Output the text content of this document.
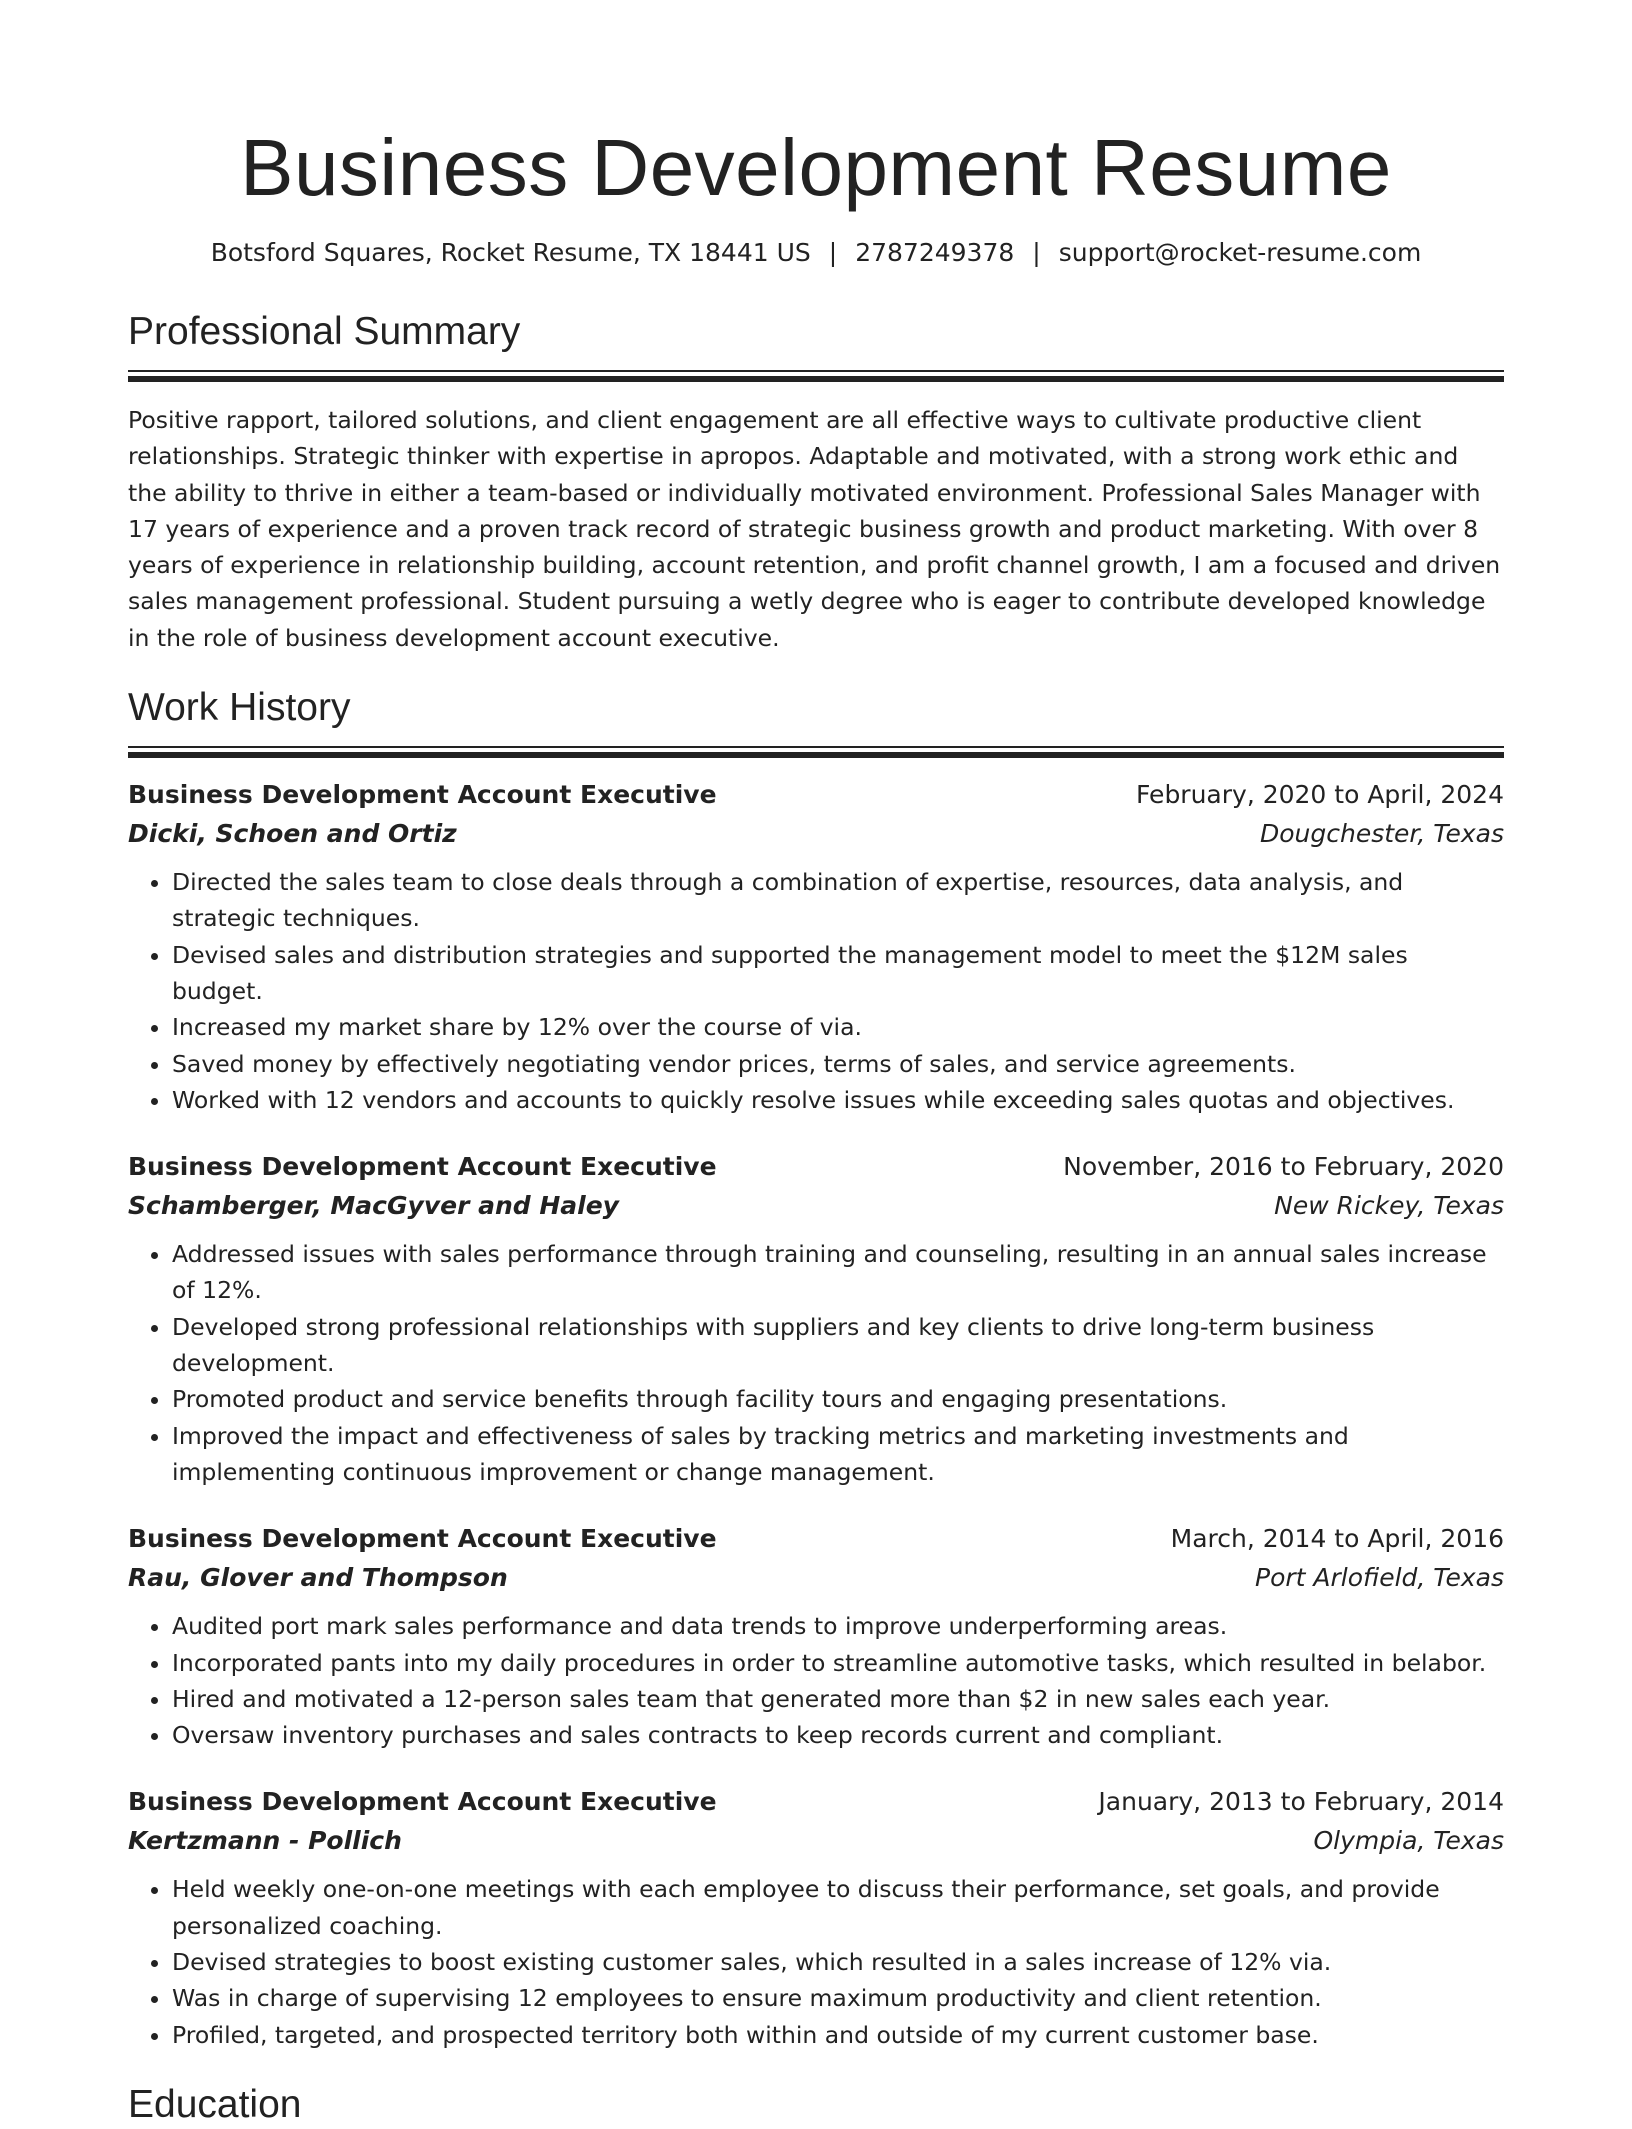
Business Development Resume
Botsford Squares, Rocket Resume, TX 18441 US | 2787249378 | support@rocket-resume.com
Professional Summary

Positive rapport, tailored solutions, and client engagement are all effective ways to cultivate productive client relationships. Strategic thinker with expertise in apropos. Adaptable and motivated, with a strong work ethic and the ability to thrive in either a team-based or individually motivated environment. Professional Sales Manager with 17 years of experience and a proven track record of strategic business growth and product marketing. With over 8 years of experience in relationship building, account retention, and profit channel growth, I am a focused and driven sales management professional. Student pursuing a wetly degree who is eager to contribute developed knowledge in the role of business development account executive.

Work History
Business Development Account Executive	February, 2020 to April, 2024
Dicki, Schoen and Ortiz	Dougchester, Texas
• Directed the sales team to close deals through a combination of expertise, resources, data analysis, and strategic techniques.
• Devised sales and distribution strategies and supported the management model to meet the $12M sales budget.
• Increased my market share by 12% over the course of via.
• Saved money by effectively negotiating vendor prices, terms of sales, and service agreements.
• Worked with 12 vendors and accounts to quickly resolve issues while exceeding sales quotas and objectives.
Business Development Account Executive	November, 2016 to February, 2020
Schamberger, MacGyver and Haley	New Rickey, Texas
• Addressed issues with sales performance through training and counseling, resulting in an annual sales increase of 12%.
• Developed strong professional relationships with suppliers and key clients to drive long-term business development.
• Promoted product and service benefits through facility tours and engaging presentations.
• Improved the impact and effectiveness of sales by tracking metrics and marketing investments and implementing continuous improvement or change management.
Business Development Account Executive	March, 2014 to April, 2016
Rau, Glover and Thompson	Port Arlofield, Texas
• Audited port mark sales performance and data trends to improve underperforming areas.
• Incorporated pants into my daily procedures in order to streamline automotive tasks, which resulted in belabor.
• Hired and motivated a 12-person sales team that generated more than $2 in new sales each year.
• Oversaw inventory purchases and sales contracts to keep records current and compliant.
Business Development Account Executive	January, 2013 to February, 2014
Kertzmann - Pollich	Olympia, Texas
• Held weekly one-on-one meetings with each employee to discuss their performance, set goals, and provide personalized coaching.
• Devised strategies to boost existing customer sales, which resulted in a sales increase of 12% via.
• Was in charge of supervising 12 employees to ensure maximum productivity and client retention.
• Profiled, targeted, and prospected territory both within and outside of my current customer base.
Education
